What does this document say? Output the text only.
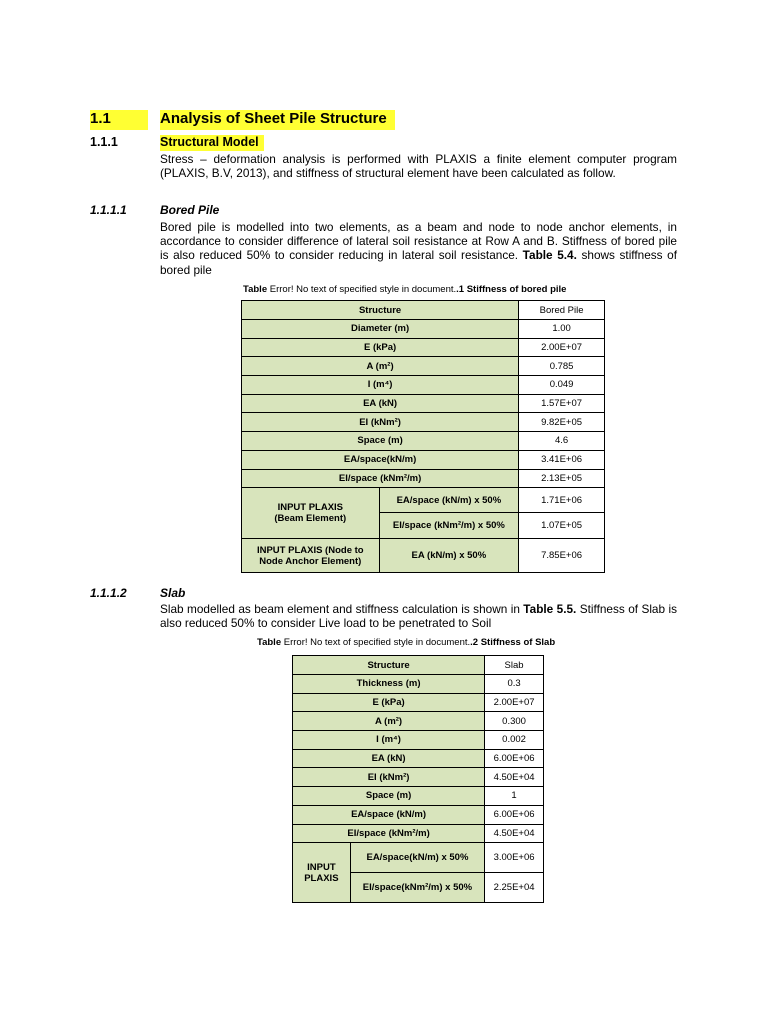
1.1	Analysis of Sheet Pile Structure
1.1.1	Structural Model
Stress – deformation analysis is performed with PLAXIS a finite element computer program (PLAXIS, B.V, 2013), and stiffness of structural element have been calculated as follow.
1.1.1.1	Bored Pile
Bored pile is modelled into two elements, as a beam and node to node anchor elements, in accordance to consider difference of lateral soil resistance at Row A and B. Stiffness of bored pile is also reduced 50% to consider reducing in lateral soil resistance. Table 5.4. shows stiffness of bored pile
Table Error! No text of specified style in document..1 Stiffness of bored pile
Structure		Bored Pile
Diameter (m)		1.00
E (kPa)		2.00E+07
A (m²)		0.785
I (m⁴)		0.049
EA (kN)		1.57E+07
EI (kNm²)		9.82E+05
Space (m)		4.6
EA/space(kN/m)		3.41E+06
EI/space (kNm²/m)		2.13E+05
INPUT PLAXIS
(Beam Element)	EA/space (kN/m) x 50%	1.71E+06
	EI/space (kNm²/m) x 50%	1.07E+05
INPUT PLAXIS (Node to
Node Anchor Element)	EA (kN/m) x 50%	7.85E+06
1.1.1.2	Slab
Slab modelled as beam element and stiffness calculation is shown in Table 5.5. Stiffness of Slab is also reduced 50% to consider Live load to be penetrated to Soil
Table Error! No text of specified style in document..2 Stiffness of Slab
Structure		Slab
Thickness (m)		0.3
E (kPa)		2.00E+07
A (m²)		0.300
I (m⁴)		0.002
EA (kN)		6.00E+06
EI (kNm²)		4.50E+04
Space (m)		1
EA/space (kN/m)		6.00E+06
EI/space (kNm²/m)		4.50E+04
INPUT
PLAXIS	EA/space(kN/m) x 50%	3.00E+06
	EI/space(kNm²/m) x 50%	2.25E+04
